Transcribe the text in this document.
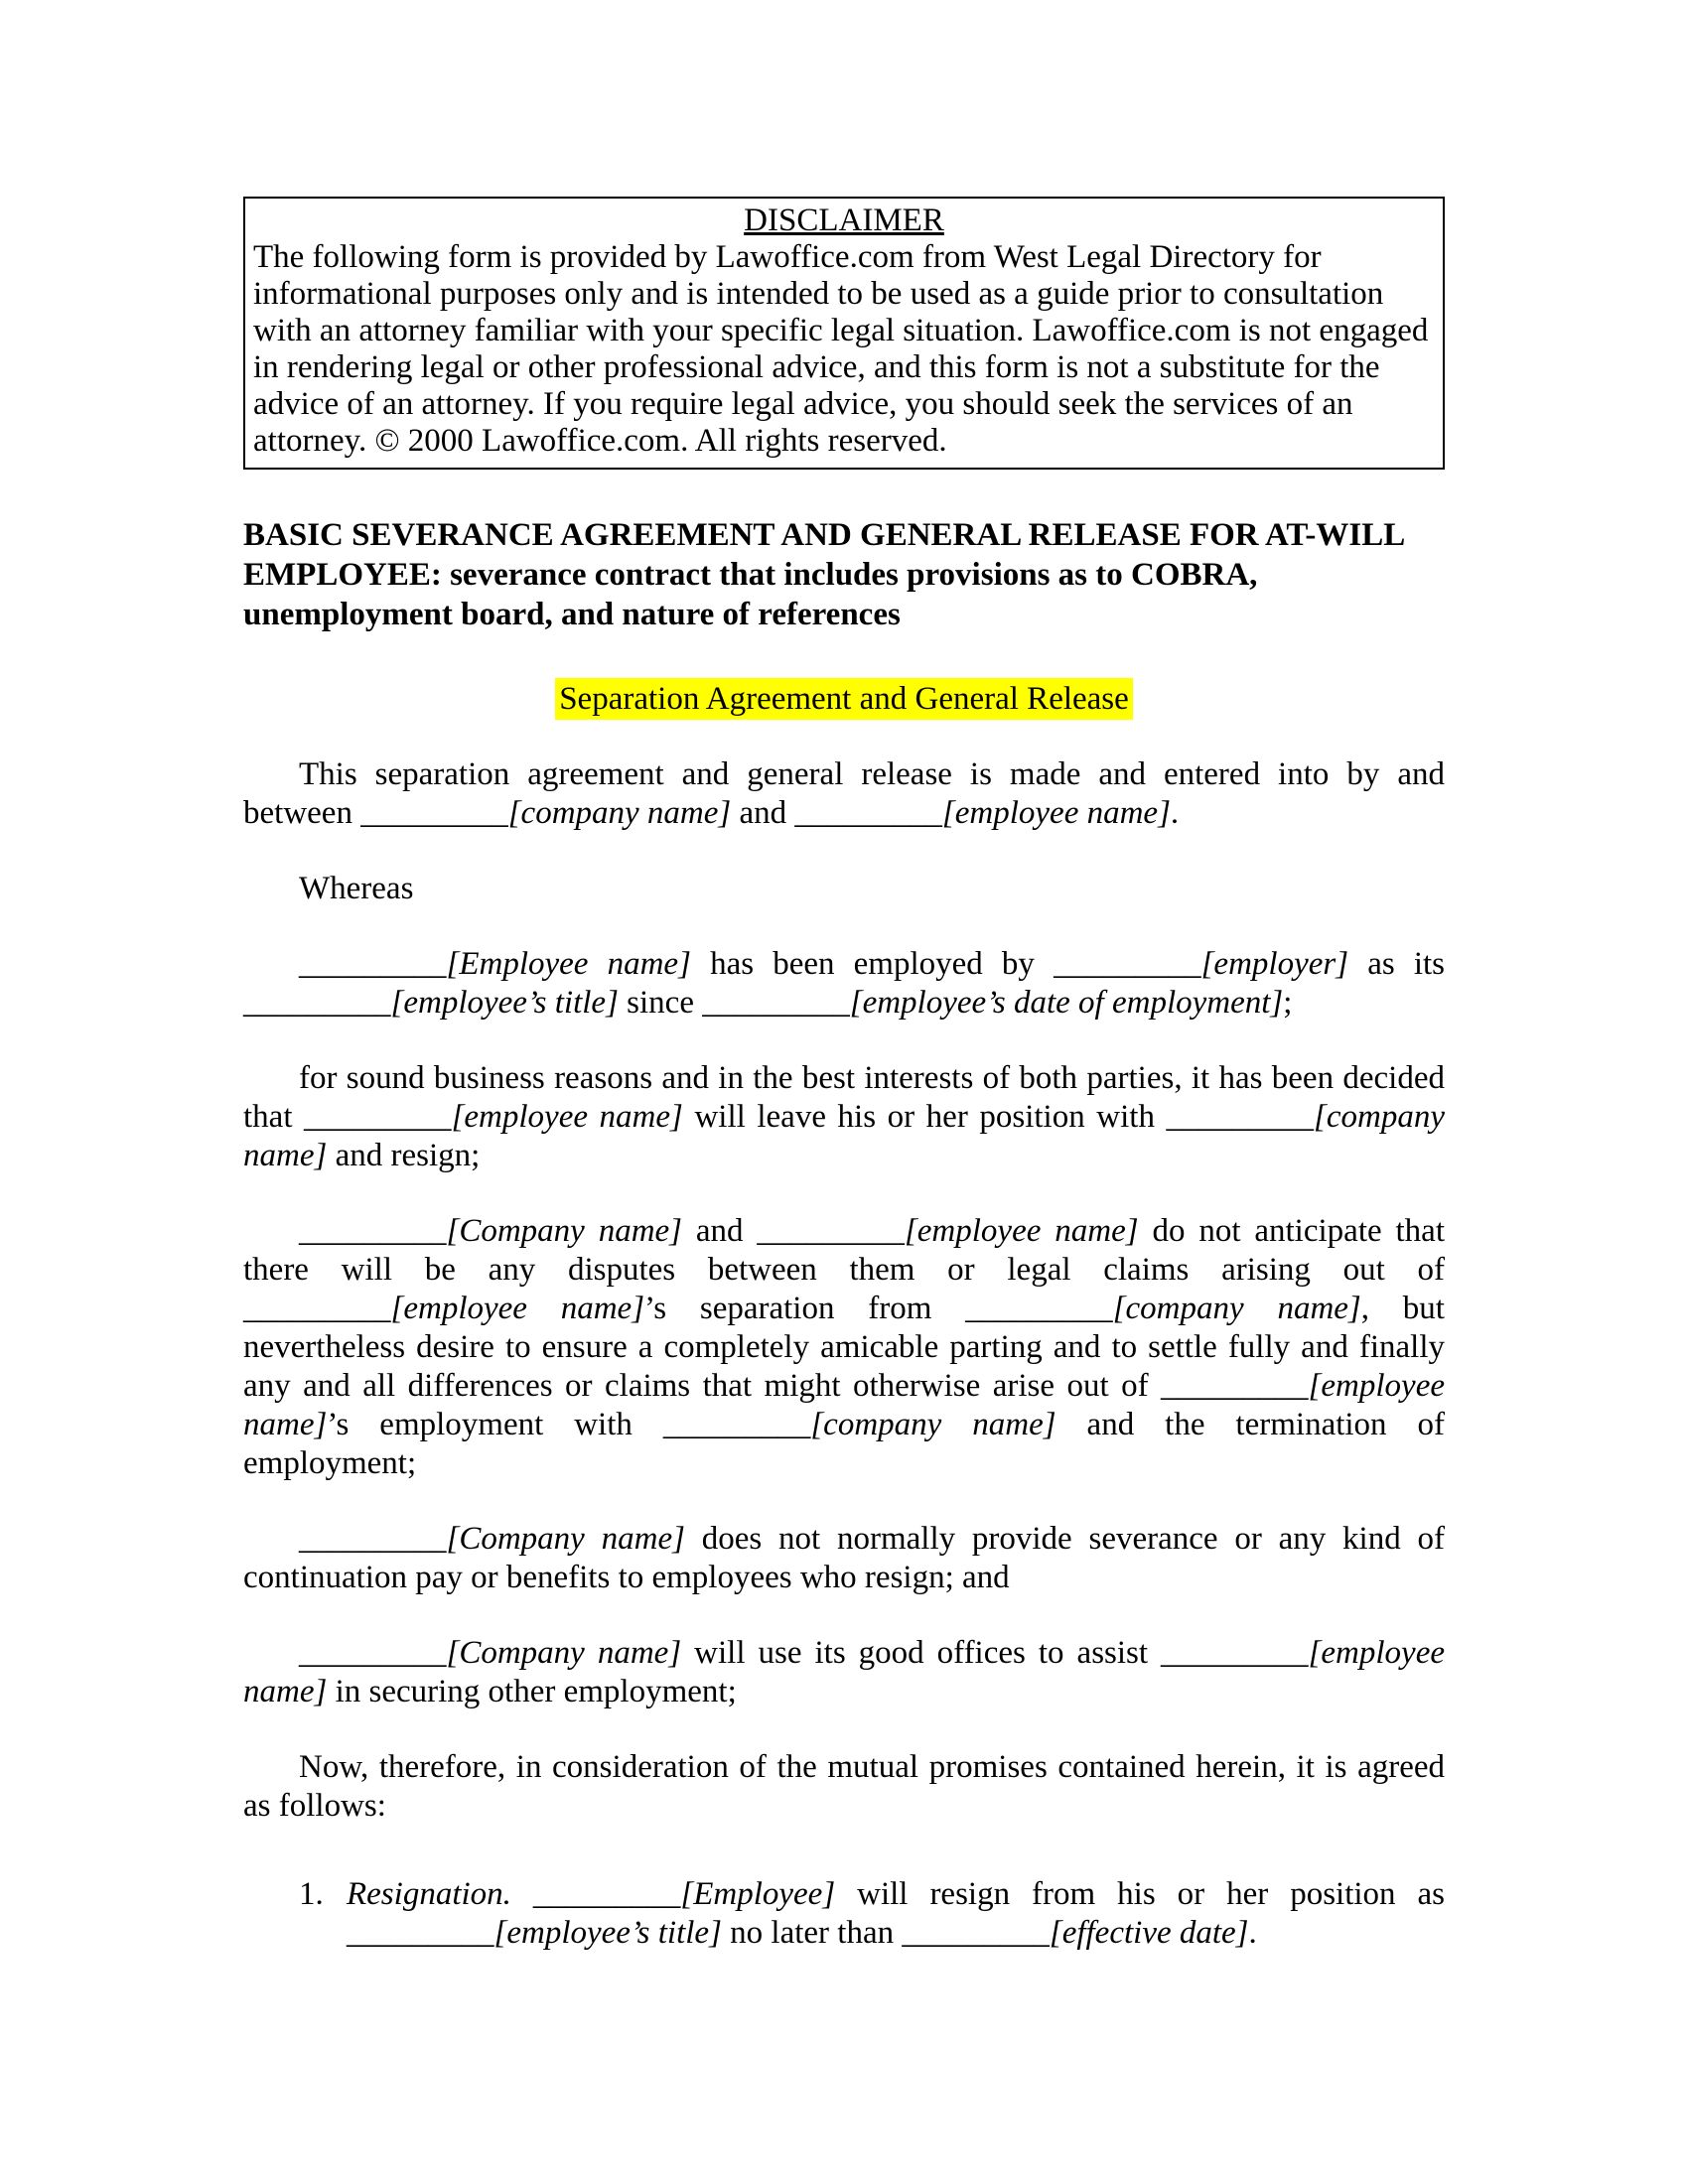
DISCLAIMER
The following form is provided by Lawoffice.com from West Legal Directory for informational purposes only and is intended to be used as a guide prior to consultation with an attorney familiar with your specific legal situation. Lawoffice.com is not engaged in rendering legal or other professional advice, and this form is not a substitute for the advice of an attorney. If you require legal advice, you should seek the services of an attorney. © 2000 Lawoffice.com. All rights reserved.
BASIC SEVERANCE AGREEMENT AND GENERAL RELEASE FOR AT-WILL EMPLOYEE: severance contract that includes provisions as to COBRA, unemployment board, and nature of references
Separation Agreement and General Release

This separation agreement and general release is made and entered into by and between _________[company name] and _________[employee name].

Whereas

_________[Employee name] has been employed by _________[employer] as its _________[employee’s title] since _________[employee’s date of employment];

for sound business reasons and in the best interests of both parties, it has been decided that _________[employee name] will leave his or her position with _________[company name] and resign;

_________[Company name] and _________[employee name] do not anticipate that there will be any disputes between them or legal claims arising out of _________[employee name]’s separation from _________[company name], but nevertheless desire to ensure a completely amicable parting and to settle fully and finally any and all differences or claims that might otherwise arise out of _________[employee name]’s employment with _________[company name] and the termination of employment;

_________[Company name] does not normally provide severance or any kind of continuation pay or benefits to employees who resign; and

_________[Company name] will use its good offices to assist _________[employee name] in securing other employment;

Now, therefore, in consideration of the mutual promises contained herein, it is agreed as follows:

1. Resignation. _________[Employee] will resign from his or her position as _________[employee’s title] no later than _________[effective date].
